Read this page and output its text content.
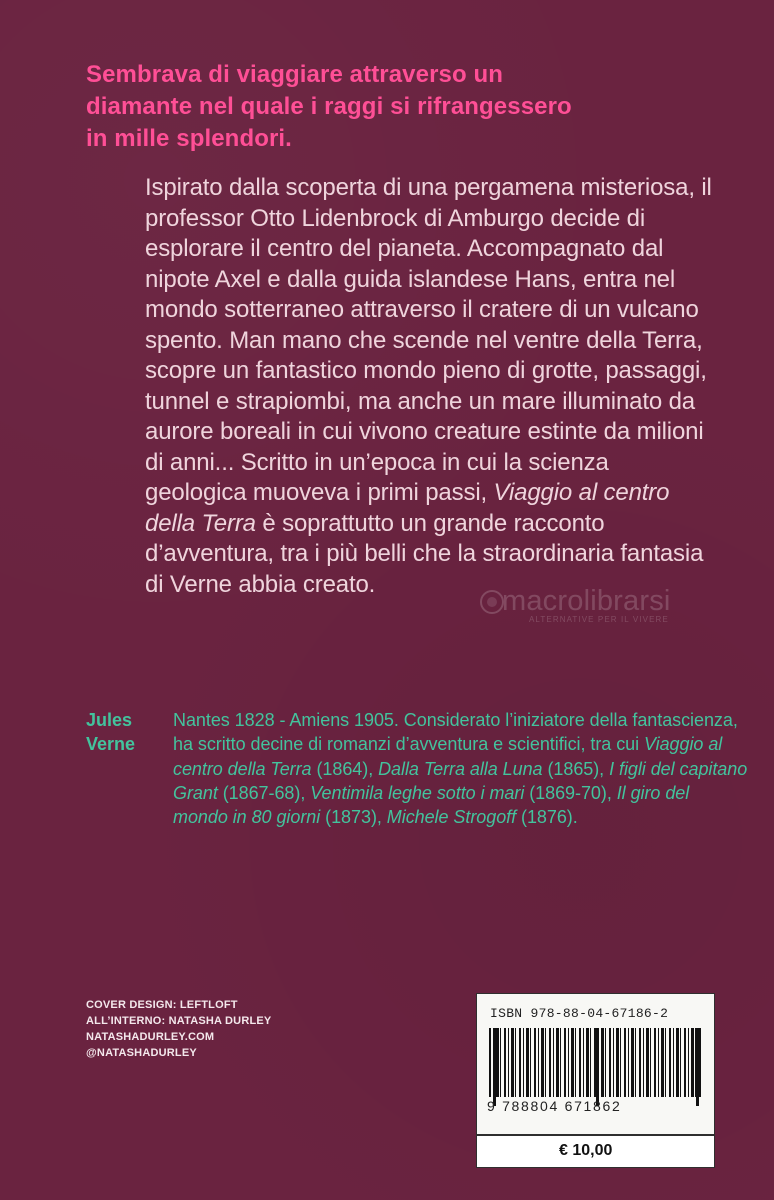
Sembrava di viaggiare attraverso un
diamante nel quale i raggi si rifrangessero
in mille splendori.

Ispirato dalla scoperta di una pergamena misteriosa, il professor Otto Lidenbrock di Amburgo decide di esplorare il centro del pianeta. Accompagnato dal nipote Axel e dalla guida islandese Hans, entra nel mondo sotterraneo attraverso il cratere di un vulcano spento. Man mano che scende nel ventre della Terra, scopre un fantastico mondo pieno di grotte, passaggi, tunnel e strapiombi, ma anche un mare illuminato da aurore boreali in cui vivono creature estinte da milioni di anni... Scritto in un’epoca in cui la scienza geologica muoveva i primi passi, Viaggio al centro della Terra è soprattutto un grande racconto d’avventura, tra i più belli che la straordinaria fantasia di Verne abbia creato.

macrolibrarsi
ALTERNATIVE PER IL VIVERE
Jules
Verne

Nantes 1828 - Amiens 1905. Considerato l’iniziatore della fantascienza, ha scritto decine di romanzi d’avventura e scientifici, tra cui Viaggio al centro della Terra (1864), Dalla Terra alla Luna (1865), I figli del capitano Grant (1867-68), Ventimila leghe sotto i mari (1869-70), Il giro del mondo in 80 giorni (1873), Michele Strogoff (1876).

COVER DESIGN: LEFTLOFT
ALL’INTERNO: NATASHA DURLEY
NATASHADURLEY.COM
@NATASHADURLEY
ISBN 978-88-04-67186-2
9 788804 671862
€ 10,00
